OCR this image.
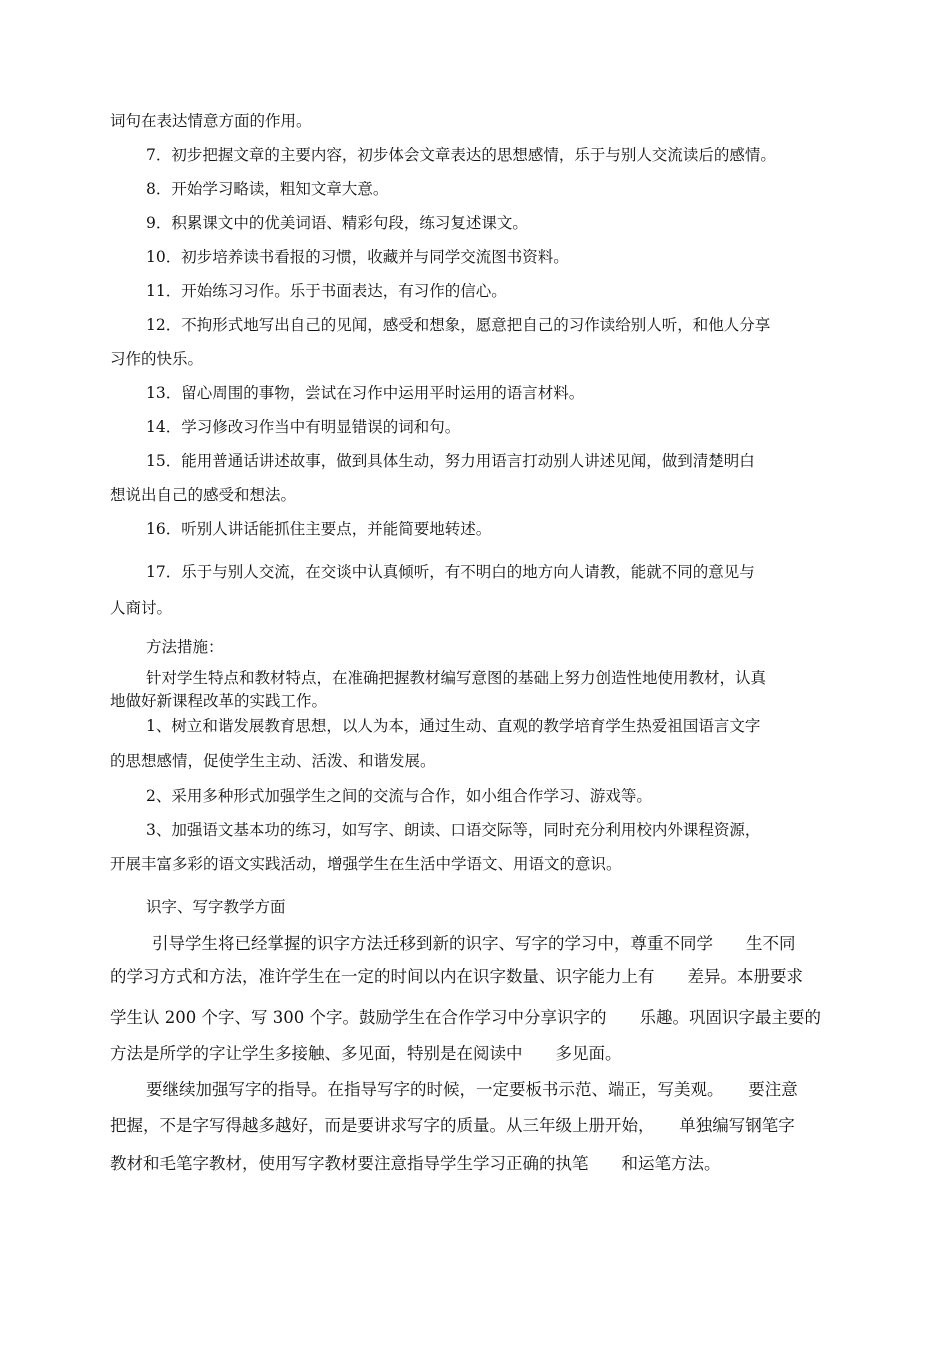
词句在表达情意方面的作用。
7．初步把握文章的主要内容，初步体会文章表达的思想感情，乐于与别人交流读后的感情。
8．开始学习略读，粗知文章大意。
9．积累课文中的优美词语、精彩句段，练习复述课文。
10．初步培养读书看报的习惯，收藏并与同学交流图书资料。
11．开始练习习作。乐于书面表达，有习作的信心。
12．不拘形式地写出自己的见闻，感受和想象，愿意把自己的习作读给别人听，和他人分享
习作的快乐。
13．留心周围的事物，尝试在习作中运用平时运用的语言材料。
14．学习修改习作当中有明显错误的词和句。
15．能用普通话讲述故事，做到具体生动，努力用语言打动别人讲述见闻，做到清楚明白
想说出自己的感受和想法。
16．听别人讲话能抓住主要点，并能简要地转述。
17．乐于与别人交流，在交谈中认真倾听，有不明白的地方向人请教，能就不同的意见与
人商讨。
方法措施：
针对学生特点和教材特点，在准确把握教材编写意图的基础上努力创造性地使用教材，认真
地做好新课程改革的实践工作。
1、树立和谐发展教育思想，以人为本，通过生动、直观的教学培育学生热爱祖国语言文字
的思想感情，促使学生主动、活泼、和谐发展。
2、采用多种形式加强学生之间的交流与合作，如小组合作学习、游戏等。
3、加强语文基本功的练习，如写字、朗读、口语交际等，同时充分利用校内外课程资源，
开展丰富多彩的语文实践活动，增强学生在生活中学语文、用语文的意识。
识字、写字教学方面
引导学生将已经掌握的识字方法迁移到新的识字、写字的学习中，尊重不同学　　生不同
的学习方式和方法，准许学生在一定的时间以内在识字数量、识字能力上有　　差异。本册要求
学生认 200 个字、写 300 个字。鼓励学生在合作学习中分享识字的　　乐趣。巩固识字最主要的
方法是所学的字让学生多接触、多见面，特别是在阅读中　　多见面。
要继续加强写字的指导。在指导写字的时候，一定要板书示范、端正，写美观。　　要注意
把握，不是字写得越多越好，而是要讲求写字的质量。从三年级上册开始，　　单独编写钢笔字
教材和毛笔字教材，使用写字教材要注意指导学生学习正确的执笔　　和运笔方法。
